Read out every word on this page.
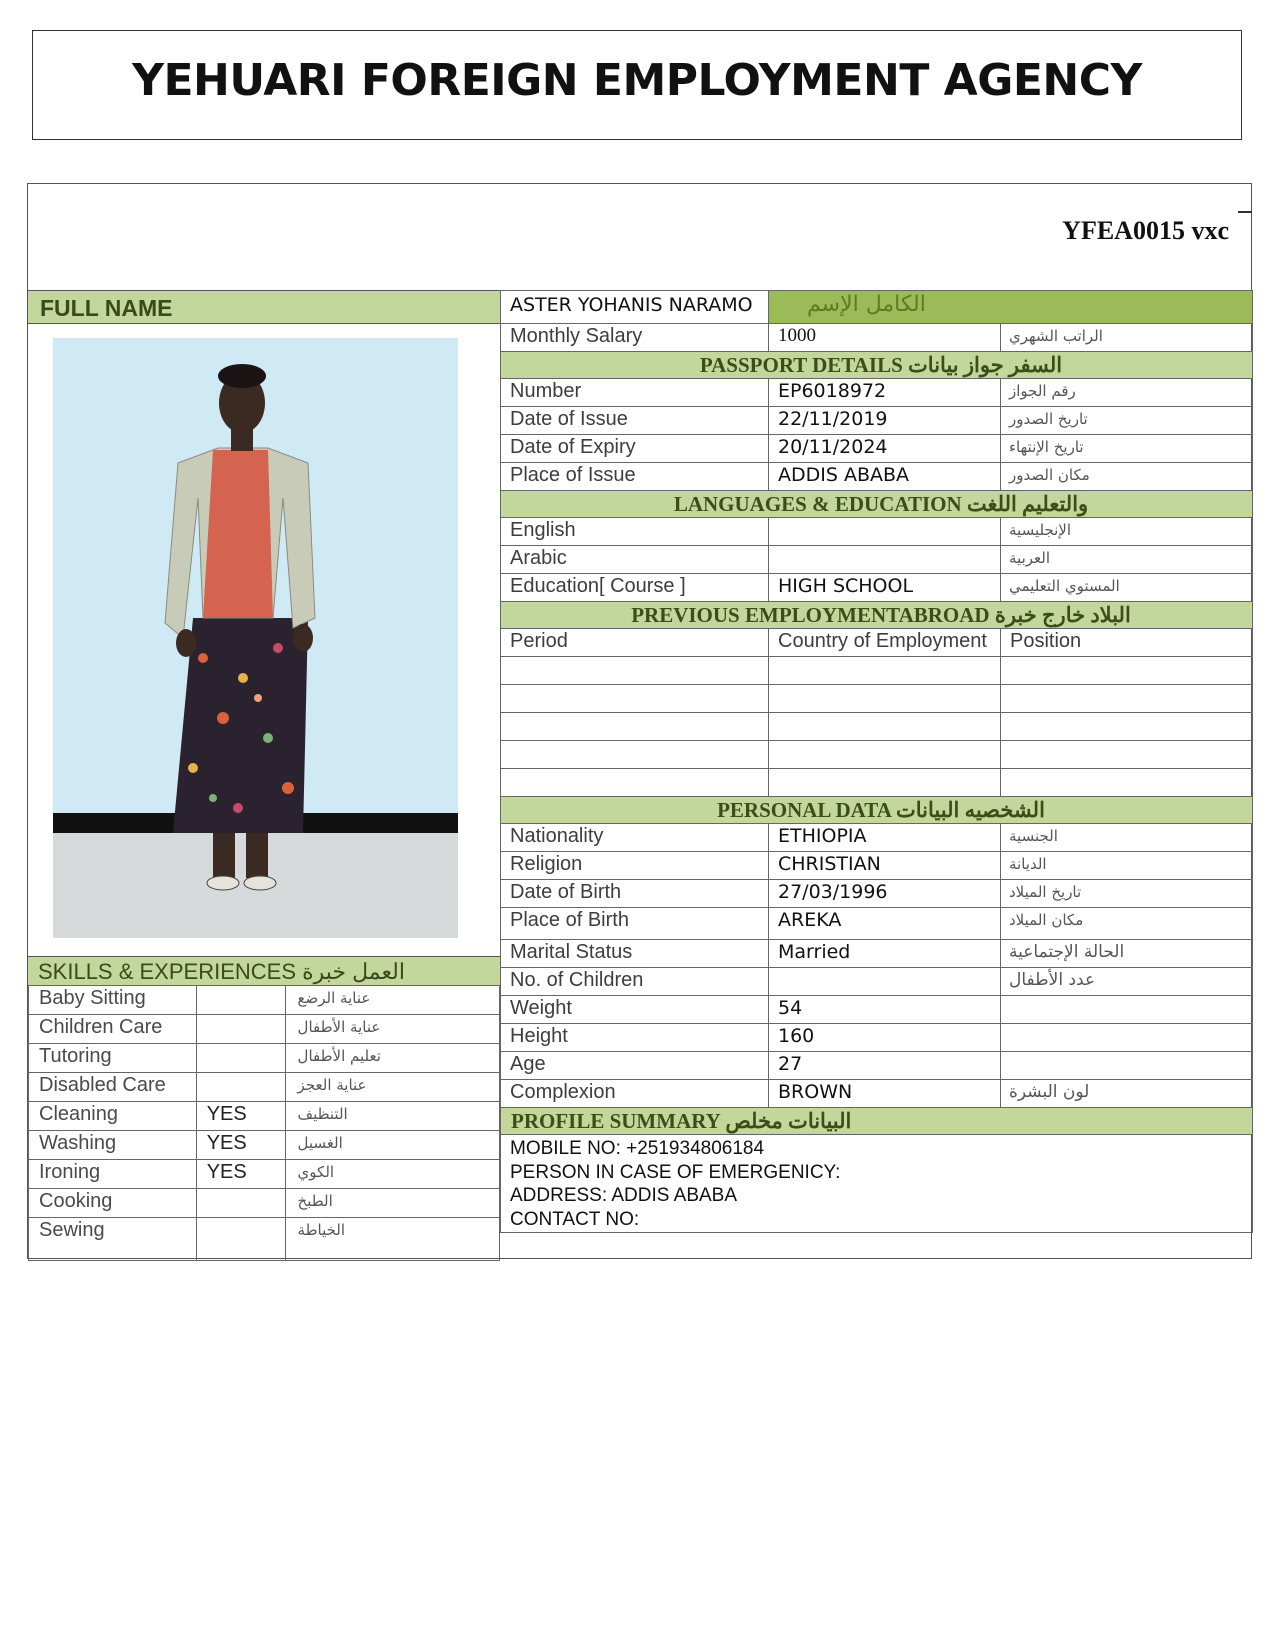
YEHUARI FOREIGN EMPLOYMENT AGENCY
YFEA0015 vxc
FULL NAME
SKILLS & EXPERIENCES العمل خبرة
Baby Sitting		عناية الرضع
Children Care		عناية الأطفال
Tutoring		تعليم الأطفال
Disabled Care		عناية العجز
Cleaning	YES	التنظيف
Washing	YES	الغسيل
Ironing	YES	الكوي
Cooking		الطبخ
Sewing		الخياطة
ASTER YOHANIS NARAMO	الكامل الإسم	
Monthly Salary	1000	الراتب الشهري
PASSPORT DETAILS السفر جواز بيانات		
Number	EP6018972	رقم الجواز
Date of Issue	22/11/2019	تاريخ الصدور
Date of Expiry	20/11/2024	تاريخ الإنتهاء
Place of Issue	ADDIS ABABA	مكان الصدور
LANGUAGES & EDUCATION والتعليم اللغت		
English		الإنجليسية
Arabic		العربية
Education[ Course ]	HIGH SCHOOL	المستوي التعليمي
PREVIOUS EMPLOYMENTABROAD البلاد خارج خبرة		
Period	Country of Employment	Position

PERSONAL DATA الشخصيه البيانات		
Nationality	ETHIOPIA	الجنسية
Religion	CHRISTIAN	الديانة
Date of Birth	27/03/1996	تاريخ الميلاد
Place of Birth	AREKA	مكان الميلاد
Marital Status	Married	الحالة الإجتماعية
No. of Children		عدد الأطفال
Weight	54	
Height	160	
Age	27	
Complexion	BROWN	لون البشرة
PROFILE SUMMARY البيانات مخلص		

MOBILE NO: +251934806184
PERSON IN CASE OF EMERGENICY:
ADDRESS: ADDIS ABABA
CONTACT NO:		
